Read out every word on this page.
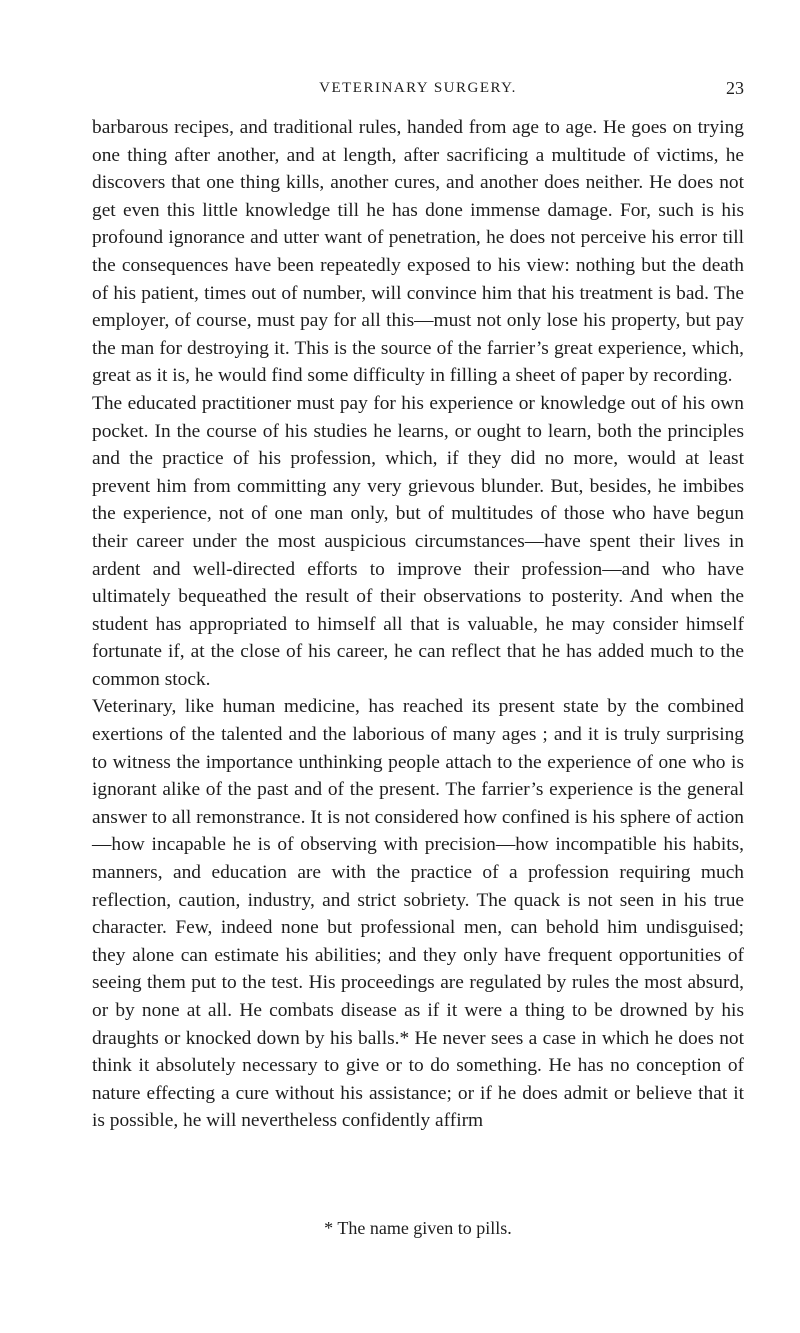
VETERINARY SURGERY.	23

barbarous recipes, and traditional rules, handed from age to age. He goes on trying one thing after another, and at length, after sacrificing a multitude of victims, he discovers that one thing kills, another cures, and another does neither. He does not get even this little knowledge till he has done immense damage. For, such is his profound ignorance and utter want of penetration, he does not perceive his error till the consequences have been repeatedly exposed to his view: nothing but the death of his patient, times out of number, will convince him that his treatment is bad. The employer, of course, must pay for all this—must not only lose his property, but pay the man for destroying it. This is the source of the farrier’s great experience, which, great as it is, he would find some difficulty in filling a sheet of paper by recording.

The educated practitioner must pay for his experience or knowledge out of his own pocket. In the course of his studies he learns, or ought to learn, both the principles and the practice of his profession, which, if they did no more, would at least prevent him from committing any very grievous blunder. But, besides, he imbibes the experience, not of one man only, but of multitudes of those who have begun their career under the most auspicious circumstances—have spent their lives in ardent and well-directed efforts to improve their profession—and who have ultimately bequeathed the result of their observations to posterity. And when the student has appropriated to himself all that is valuable, he may consider himself fortunate if, at the close of his career, he can reflect that he has added much to the common stock.

Veterinary, like human medicine, has reached its present state by the combined exertions of the talented and the laborious of many ages ; and it is truly surprising to witness the importance unthinking people attach to the experience of one who is ignorant alike of the past and of the present. The farrier’s experience is the general answer to all remonstrance. It is not considered how confined is his sphere of action—how incapable he is of observing with precision—how incompatible his habits, manners, and education are with the practice of a profession requiring much reflection, caution, industry, and strict sobriety. The quack is not seen in his true character. Few, indeed none but professional men, can behold him undisguised; they alone can estimate his abilities; and they only have frequent opportunities of seeing them put to the test. His proceedings are regulated by rules the most absurd, or by none at all. He combats disease as if it were a thing to be drowned by his draughts or knocked down by his balls.* He never sees a case in which he does not think it absolutely necessary to give or to do something. He has no conception of nature effecting a cure without his assistance; or if he does admit or believe that it is possible, he will nevertheless confidently affirm

* The name given to pills.
